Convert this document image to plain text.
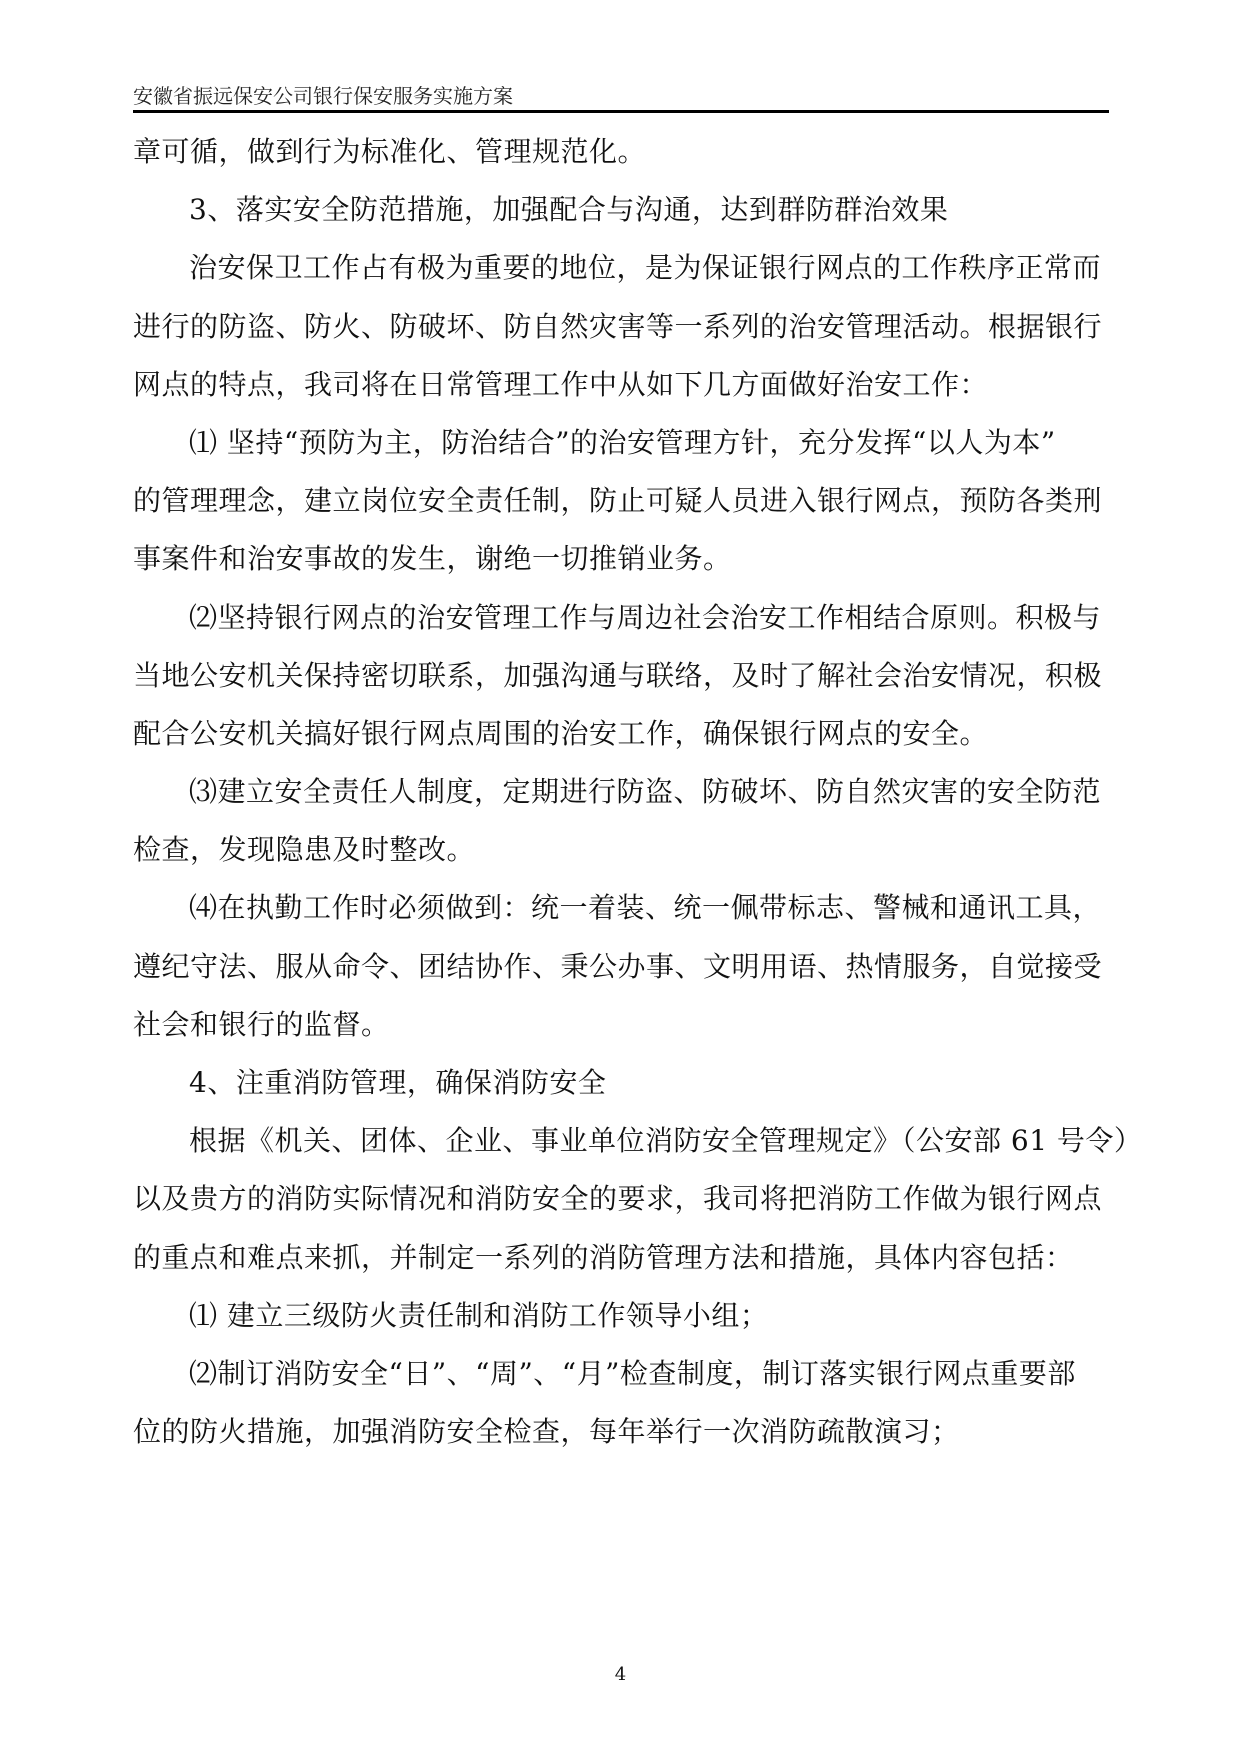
安徽省振远保安公司银行保安服务实施方案
章可循，做到行为标准化、管理规范化。
3、落实安全防范措施，加强配合与沟通，达到群防群治效果
治安保卫工作占有极为重要的地位，是为保证银行网点的工作秩序正常而
进行的防盗、防火、防破坏、防自然灾害等一系列的治安管理活动。根据银行
网点的特点，我司将在日常管理工作中从如下几方面做好治安工作：
⑴ 坚持“预防为主，防治结合”的治安管理方针，充分发挥“以人为本”
的管理理念，建立岗位安全责任制，防止可疑人员进入银行网点，预防各类刑
事案件和治安事故的发生，谢绝一切推销业务。
⑵坚持银行网点的治安管理工作与周边社会治安工作相结合原则。积极与
当地公安机关保持密切联系，加强沟通与联络，及时了解社会治安情况，积极
配合公安机关搞好银行网点周围的治安工作，确保银行网点的安全。
⑶建立安全责任人制度，定期进行防盗、防破坏、防自然灾害的安全防范
检查，发现隐患及时整改。
⑷在执勤工作时必须做到：统一着装、统一佩带标志、警械和通讯工具，
遵纪守法、服从命令、团结协作、秉公办事、文明用语、热情服务，自觉接受
社会和银行的监督。
4、注重消防管理，确保消防安全
根据《机关、团体、企业、事业单位消防安全管理规定》（公安部 61 号令）
以及贵方的消防实际情况和消防安全的要求，我司将把消防工作做为银行网点
的重点和难点来抓，并制定一系列的消防管理方法和措施，具体内容包括：
⑴ 建立三级防火责任制和消防工作领导小组；
⑵制订消防安全“日”、“周”、“月”检查制度，制订落实银行网点重要部
位的防火措施，加强消防安全检查，每年举行一次消防疏散演习；
4
